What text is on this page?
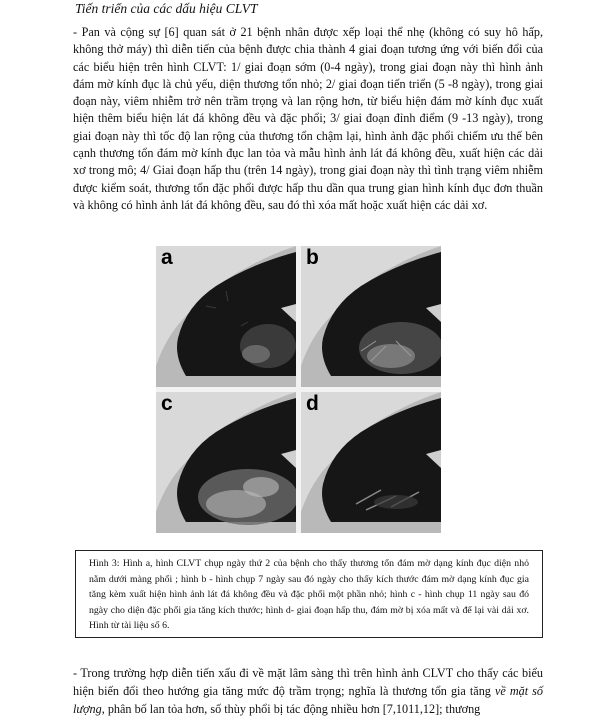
Tiến triển của các dấu hiệu CLVT
- Pan và cộng sự [6] quan sát ở 21 bệnh nhân được xếp loại thể nhẹ (không có suy hô hấp, không thở máy) thì diễn tiến của bệnh được chia thành 4 giai đoạn tương ứng với biến đổi của các biểu hiện trên hình CLVT: 1/ giai đoạn sớm (0-4 ngày), trong giai đoạn này thì hình ảnh đám mờ kính đục là chủ yếu, diện thương tổn nhỏ; 2/ giai đoạn tiến triển (5 -8 ngày), trong giai đoạn này, viêm nhiễm trở nên trầm trọng và lan rộng hơn, từ biểu hiện đám mờ kính đục xuất hiện thêm biểu hiện lát đá không đều và đặc phổi; 3/ giai đoạn đỉnh điểm (9 -13 ngày), trong giai đoạn này thì tốc độ lan rộng của thương tổn chậm lại, hình ảnh đặc phổi chiếm ưu thế bên cạnh thương tổn đám mờ kính đục lan tỏa và mẫu hình ảnh lát đá không đều, xuất hiện các dải xơ trong mô; 4/ Giai đoạn hấp thu (trên 14 ngày), trong giai đoạn này thì tình trạng viêm nhiễm được kiểm soát, thương tổn đặc phổi được hấp thu dần qua trung gian hình kính đục đơn thuần và không có hình ảnh lát đá không đều, sau đó thì xóa mất hoặc xuất hiện các dải xơ.
a	b
c	d
Hình 3: Hình a, hình CLVT chụp ngày thứ 2 của bệnh cho thấy thương tổn đám mờ dạng kính đục diện nhỏ nằm dưới màng phổi ; hình b - hình chụp 7 ngày sau đó ngày cho thấy kích thước đám mờ dạng kính đục gia tăng kèm xuất hiện hình ảnh lát đá không đều và đặc phổi một phần nhỏ; hình c - hình chụp 11 ngày sau đó ngày cho diện đặc phổi gia tăng kích thước; hình d- giai đoạn hấp thu, đám mờ bị xóa mất và để lại vài dải xơ. Hình từ tài liệu số 6.
- Trong trường hợp diễn tiến xấu đi về mặt lâm sàng thì trên hình ảnh CLVT cho thấy các biểu hiện biến đổi theo hướng gia tăng mức độ trầm trọng; nghĩa là thương tổn gia tăng về mặt số lượng, phân bố lan tỏa hơn, số thùy phổi bị tác động nhiều hơn [7,1011,12]; thương
